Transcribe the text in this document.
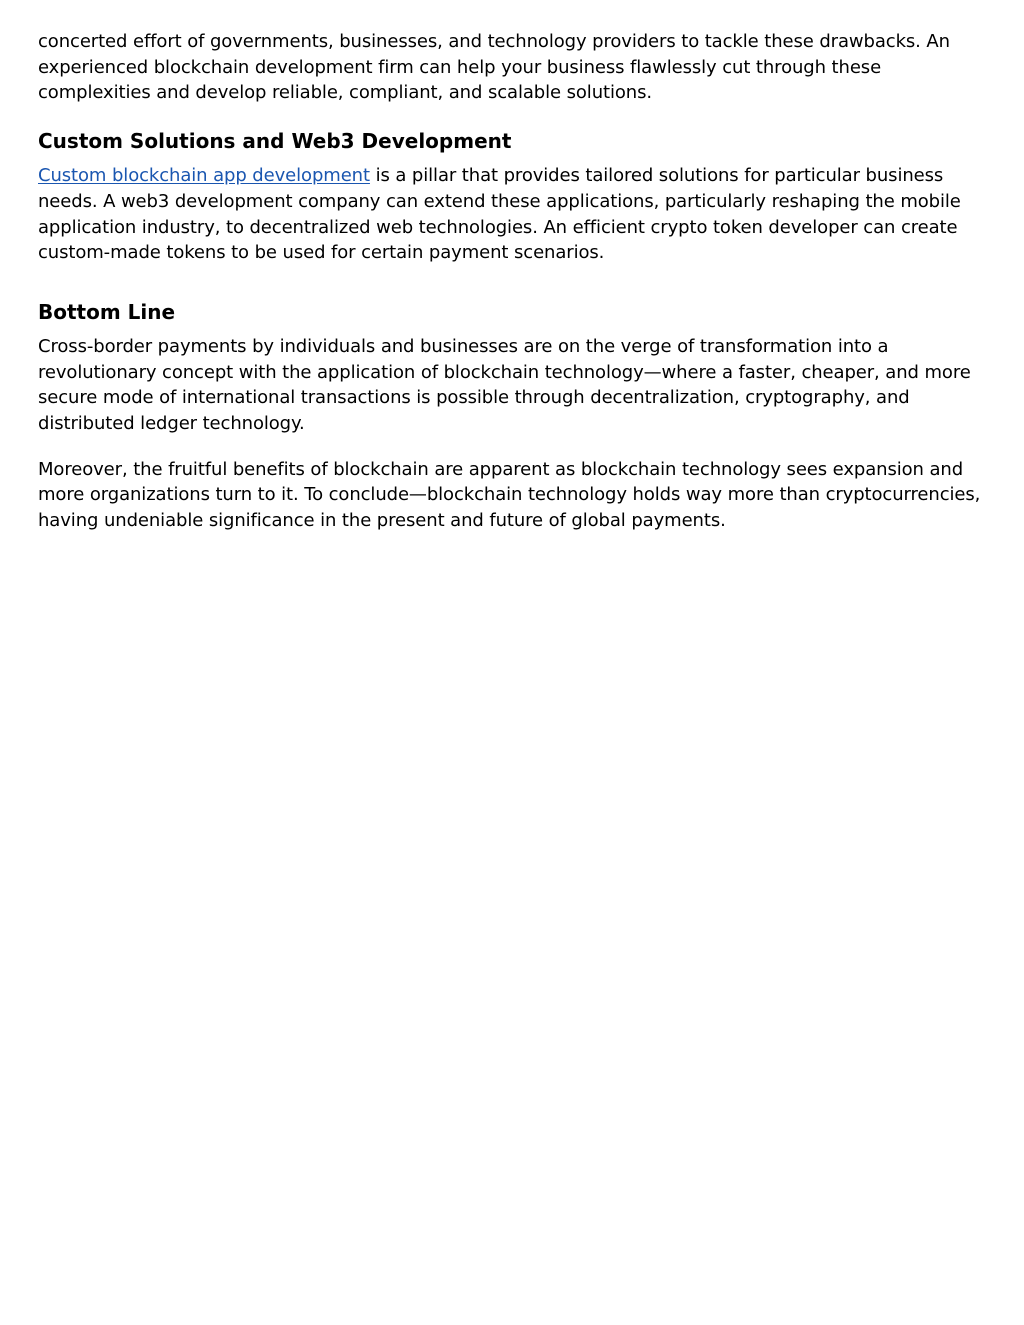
concerted effort of governments, businesses, and technology providers to tackle these drawbacks. An experienced blockchain development firm can help your business flawlessly cut through these complexities and develop reliable, compliant, and scalable solutions.

Custom Solutions and Web3 Development

Custom blockchain app development is a pillar that provides tailored solutions for particular business needs. A web3 development company can extend these applications, particularly reshaping the mobile application industry, to decentralized web technologies. An efficient crypto token developer can create custom-made tokens to be used for certain payment scenarios.

Bottom Line

Cross-border payments by individuals and businesses are on the verge of transformation into a revolutionary concept with the application of blockchain technology—where a faster, cheaper, and more secure mode of international transactions is possible through decentralization, cryptography, and distributed ledger technology.

Moreover, the fruitful benefits of blockchain are apparent as blockchain technology sees expansion and more organizations turn to it. To conclude—blockchain technology holds way more than cryptocurrencies, having undeniable significance in the present and future of global payments.
